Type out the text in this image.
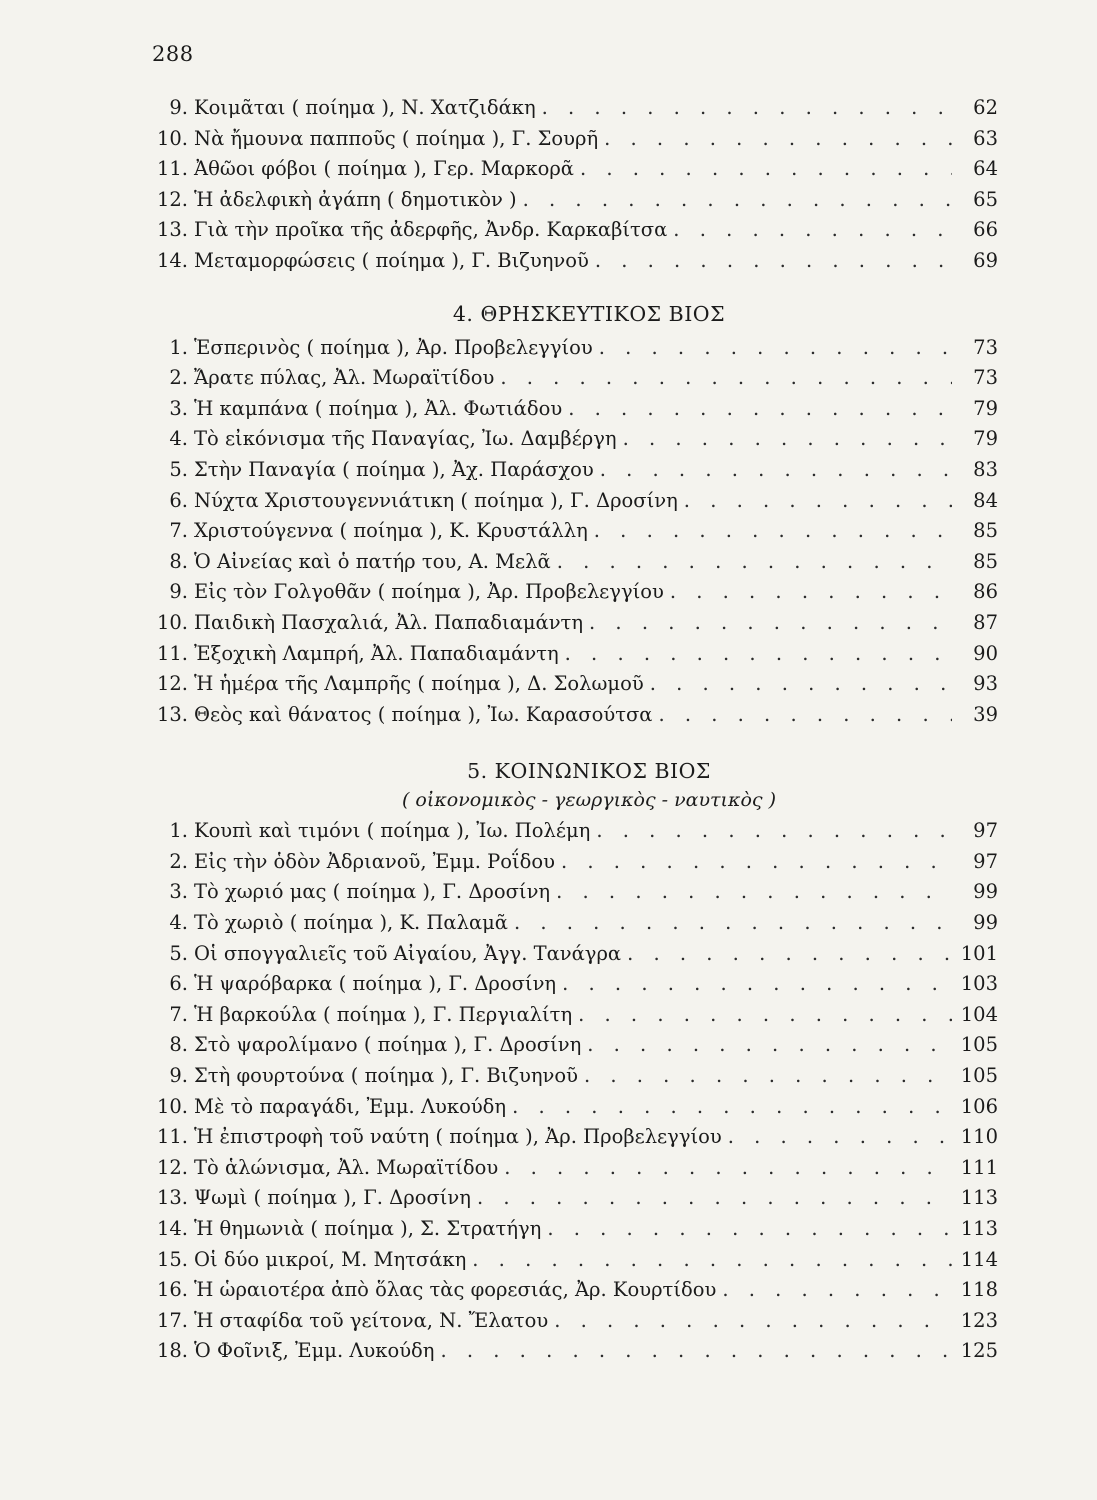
288
9. Κοιμᾶται ( ποίημα ), Ν. Χατζιδάκη . . .	62
10. Νὰ ἤμουνα παπποῦς ( ποίημα ), Γ. Σουρῆ . . .	63
11. Ἀθῶοι φόβοι ( ποίημα ), Γερ. Μαρκορᾶ . . .	64
12. Ἡ ἀδελφικὴ ἀγάπη ( δημοτικὸν ) . . .	65
13. Γιὰ τὴν προῖκα τῆς ἀδερφῆς, Ἀνδρ. Καρκαβίτσα . . .	66
14. Μεταμορφώσεις ( ποίημα ), Γ. Βιζυηνοῦ . . .	69
4. ΘΡΗΣΚΕΥΤΙΚΟΣ ΒΙΟΣ
1. Ἑσπερινὸς ( ποίημα ), Ἀρ. Προβελεγγίου . . .	73
2. Ἄρατε πύλας, Ἀλ. Μωραϊτίδου . . .	73
3. Ἡ καμπάνα ( ποίημα ), Ἀλ. Φωτιάδου . . .	79
4. Τὸ εἰκόνισμα τῆς Παναγίας, Ἰω. Δαμβέργη . . .	79
5. Στὴν Παναγία ( ποίημα ), Ἀχ. Παράσχου . . .	83
6. Νύχτα Χριστουγεννιάτικη ( ποίημα ), Γ. Δροσίνη . . .	84
7. Χριστούγεννα ( ποίημα ), Κ. Κρυστάλλη . . .	85
8. Ὁ Αἰνείας καὶ ὁ πατήρ του, Α. Μελᾶ . . .	85
9. Εἰς τὸν Γολγοθᾶν ( ποίημα ), Ἀρ. Προβελεγγίου . . .	86
10. Παιδικὴ Πασχαλιά, Ἀλ. Παπαδιαμάντη . . .	87
11. Ἐξοχικὴ Λαμπρή, Ἀλ. Παπαδιαμάντη . . .	90
12. Ἡ ἡμέρα τῆς Λαμπρῆς ( ποίημα ), Δ. Σολωμοῦ . . .	93
13. Θεὸς καὶ θάνατος ( ποίημα ), Ἰω. Καρασούτσα . . .	39
5. ΚΟΙΝΩΝΙΚΟΣ ΒΙΟΣ
( οἰκονομικὸς - γεωργικὸς - ναυτικὸς )
1. Κουπὶ καὶ τιμόνι ( ποίημα ), Ἰω. Πολέμη . . .	97
2. Εἰς τὴν ὁδὸν Ἀδριανοῦ, Ἐμμ. Ροΐδου . . .	97
3. Τὸ χωριό μας ( ποίημα ), Γ. Δροσίνη . . .	99
4. Τὸ χωριὸ ( ποίημα ), Κ. Παλαμᾶ . . .	99
5. Οἱ σπογγαλιεῖς τοῦ Αἰγαίου, Ἀγγ. Τανάγρα . . .	101
6. Ἡ ψαρόβαρκα ( ποίημα ), Γ. Δροσίνη . . .	103
7. Ἡ βαρκούλα ( ποίημα ), Γ. Περγιαλίτη . . .	104
8. Στὸ ψαρολίμανο ( ποίημα ), Γ. Δροσίνη . . .	105
9. Στὴ φουρτούνα ( ποίημα ), Γ. Βιζυηνοῦ . . .	105
10. Μὲ τὸ παραγάδι, Ἐμμ. Λυκούδη . . .	106
11. Ἡ ἐπιστροφὴ τοῦ ναύτη ( ποίημα ), Ἀρ. Προβελεγγίου . . .	110
12. Τὸ ἁλώνισμα, Ἀλ. Μωραϊτίδου . . .	111
13. Ψωμὶ ( ποίημα ), Γ. Δροσίνη . . .	113
14. Ἡ θημωνιὰ ( ποίημα ), Σ. Στρατήγη . . .	113
15. Οἱ δύο μικροί, Μ. Μητσάκη . . .	114
16. Ἡ ὡραιοτέρα ἀπὸ ὅλας τὰς φορεσιάς, Ἀρ. Κουρτίδου . . .	118
17. Ἡ σταφίδα τοῦ γείτονα, Ν. Ἔλατου . . .	123
18. Ὁ Φοῖνιξ, Ἐμμ. Λυκούδη . . .	125
